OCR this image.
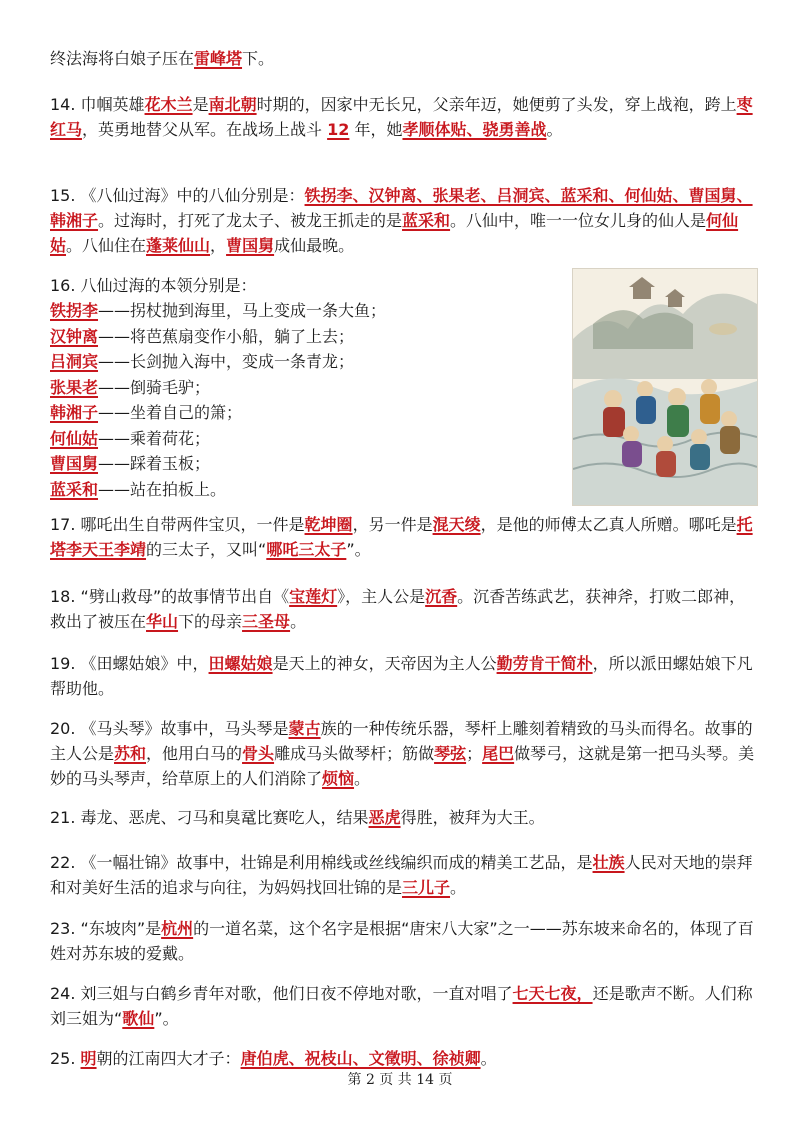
终法海将白娘子压在雷峰塔下。

14. 巾帼英雄花木兰是南北朝时期的，因家中无长兄，父亲年迈，她便剪了头发，穿上战袍，跨上枣红马，英勇地替父从军。在战场上战斗 12 年，她孝顺体贴、骁勇善战。

15. 《八仙过海》中的八仙分别是：铁拐李、汉钟离、张果老、吕洞宾、蓝采和、何仙姑、曹国舅、韩湘子。过海时，打死了龙太子、被龙王抓走的是蓝采和。八仙中，唯一一位女儿身的仙人是何仙姑。八仙住在蓬莱仙山，曹国舅成仙最晚。

16. 八仙过海的本领分别是：
铁拐李——拐杖抛到海里，马上变成一条大鱼；
汉钟离——将芭蕉扇变作小船，躺了上去；
吕洞宾——长剑抛入海中，变成一条青龙；
张果老——倒骑毛驴；
韩湘子——坐着自己的箫；
何仙姑——乘着荷花；
曹国舅——踩着玉板；
蓝采和——站在拍板上。

17. 哪吒出生自带两件宝贝，一件是乾坤圈，另一件是混天绫，是他的师傅太乙真人所赠。哪吒是托塔李天王李靖的三太子，又叫“哪吒三太子”。

18. “劈山救母”的故事情节出自《宝莲灯》，主人公是沉香。沉香苦练武艺，获神斧，打败二郎神，救出了被压在华山下的母亲三圣母。

19. 《田螺姑娘》中，田螺姑娘是天上的神女，天帝因为主人公勤劳肯干简朴，所以派田螺姑娘下凡帮助他。

20. 《马头琴》故事中，马头琴是蒙古族的一种传统乐器，琴杆上雕刻着精致的马头而得名。故事的主人公是苏和，他用白马的骨头雕成马头做琴杆；筋做琴弦；尾巴做琴弓，这就是第一把马头琴。美妙的马头琴声，给草原上的人们消除了烦恼。

21. 毒龙、恶虎、刁马和臭鼋比赛吃人，结果恶虎得胜，被拜为大王。

22. 《一幅壮锦》故事中，壮锦是利用棉线或丝线编织而成的精美工艺品，是壮族人民对天地的崇拜和对美好生活的追求与向往，为妈妈找回壮锦的是三儿子。

23. “东坡肉”是杭州的一道名菜，这个名字是根据“唐宋八大家”之一——苏东坡来命名的，体现了百姓对苏东坡的爱戴。

24. 刘三姐与白鹤乡青年对歌，他们日夜不停地对歌，一直对唱了七天七夜，还是歌声不断。人们称刘三姐为“歌仙”。

25. 明朝的江南四大才子：唐伯虎、祝枝山、文徵明、徐祯卿。

第 2 页 共 14 页
